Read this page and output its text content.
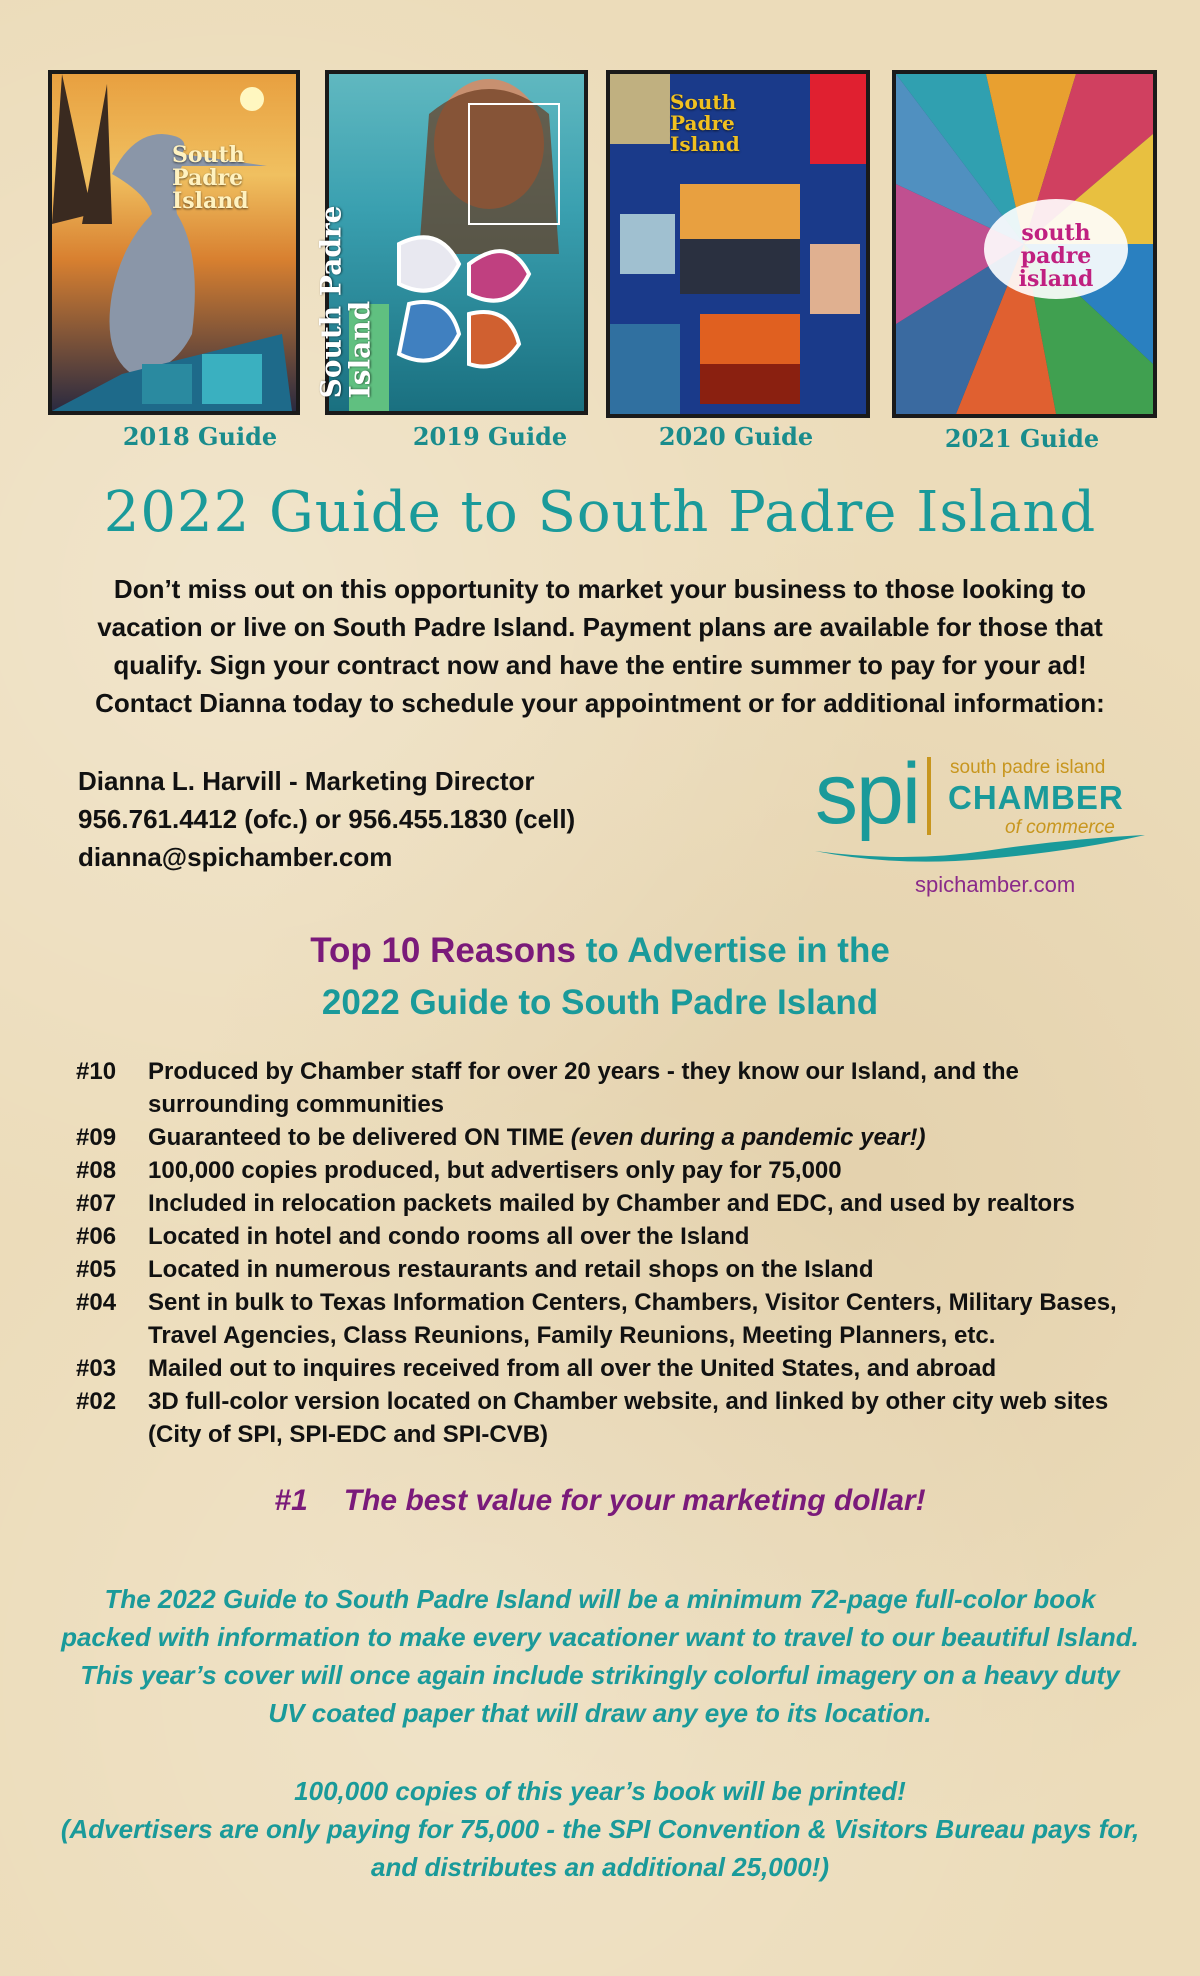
South Padre Island
2018 Guide
South Padre Island
2019 Guide
South Padre Island
2020 Guide
south padre island
2021 Guide
2022 Guide to South Padre Island
Don’t miss out on this opportunity to market your business to those looking to vacation or live on South Padre Island. Payment plans are available for those that qualify. Sign your contract now and have the entire summer to pay for your ad! Contact Dianna today to schedule your appointment or for additional information:
Dianna L. Harvill - Marketing Director
956.761.4412 (ofc.) or 956.455.1830 (cell)
dianna@spichamber.com
spi south padre island
CHAMBER
of commerce
spichamber.com
Top 10 Reasons to Advertise in the
2022 Guide to South Padre Island
#10	Produced by Chamber staff for over 20 years - they know our Island, and the surrounding communities
#09	Guaranteed to be delivered ON TIME (even during a pandemic year!)
#08	100,000 copies produced, but advertisers only pay for 75,000
#07	Included in relocation packets mailed by Chamber and EDC, and used by realtors
#06	Located in hotel and condo rooms all over the Island
#05	Located in numerous restaurants and retail shops on the Island
#04	Sent in bulk to Texas Information Centers, Chambers, Visitor Centers, Military Bases, Travel Agencies, Class Reunions, Family Reunions, Meeting Planners, etc.
#03	Mailed out to inquires received from all over the United States, and abroad
#02	3D full-color version located on Chamber website, and linked by other city web sites (City of SPI, SPI-EDC and SPI-CVB)
#1 The best value for your marketing dollar!
The 2022 Guide to South Padre Island will be a minimum 72-page full-color book packed with information to make every vacationer want to travel to our beautiful Island. This year’s cover will once again include strikingly colorful imagery on a heavy duty UV coated paper that will draw any eye to its location.
100,000 copies of this year’s book will be printed!
(Advertisers are only paying for 75,000 - the SPI Convention & Visitors Bureau pays for, and distributes an additional 25,000!)
